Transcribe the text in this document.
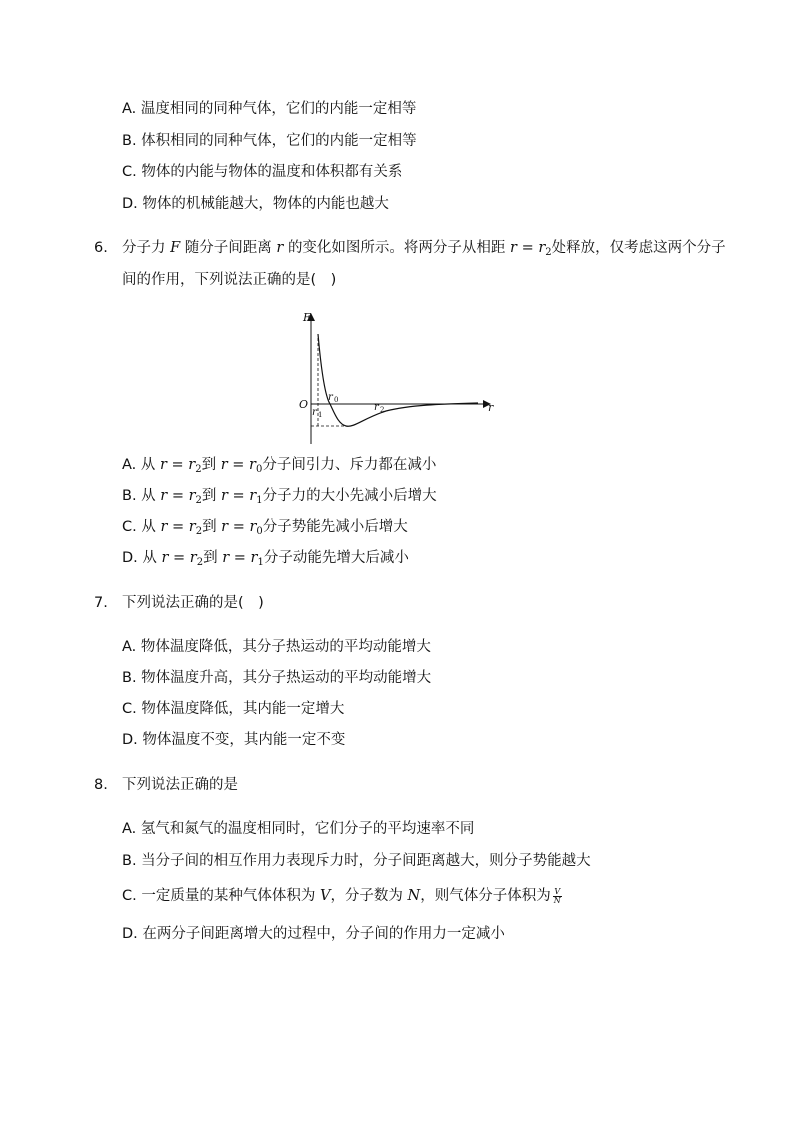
A. 温度相同的同种气体，它们的内能一定相等
B. 体积相同的同种气体，它们的内能一定相等
C. 物体的内能与物体的温度和体积都有关系
D. 物体的机械能越大，物体的内能也越大
6. 分子力 F 随分子间距离 r 的变化如图所示。将两分子从相距 $r = r_2$处释放，仅考虑这两个分子
间的作用，下列说法正确的是(　)
F
r
O
r 0
r 1
r 2
A. 从 $r = r_2$到 $r = r_0$分子间引力、斥力都在减小
B. 从 $r = r_2$到 $r = r_1$分子力的大小先减小后增大
C. 从 $r = r_2$到 $r = r_0$分子势能先减小后增大
D. 从 $r = r_2$到 $r = r_1$分子动能先增大后减小
7. 下列说法正确的是(　)
A. 物体温度降低，其分子热运动的平均动能增大
B. 物体温度升高，其分子热运动的平均动能增大
C. 物体温度降低，其内能一定增大
D. 物体温度不变，其内能一定不变
8. 下列说法正确的是
A. 氢气和氮气的温度相同时，它们分子的平均速率不同
B. 当分子间的相互作用力表现斥力时，分子间距离越大，则分子势能越大
C. 一定质量的某种气体体积为 V，分子数为 N，则气体分子体积为 $\frac{V}{N}$
D. 在两分子间距离增大的过程中，分子间的作用力一定减小
